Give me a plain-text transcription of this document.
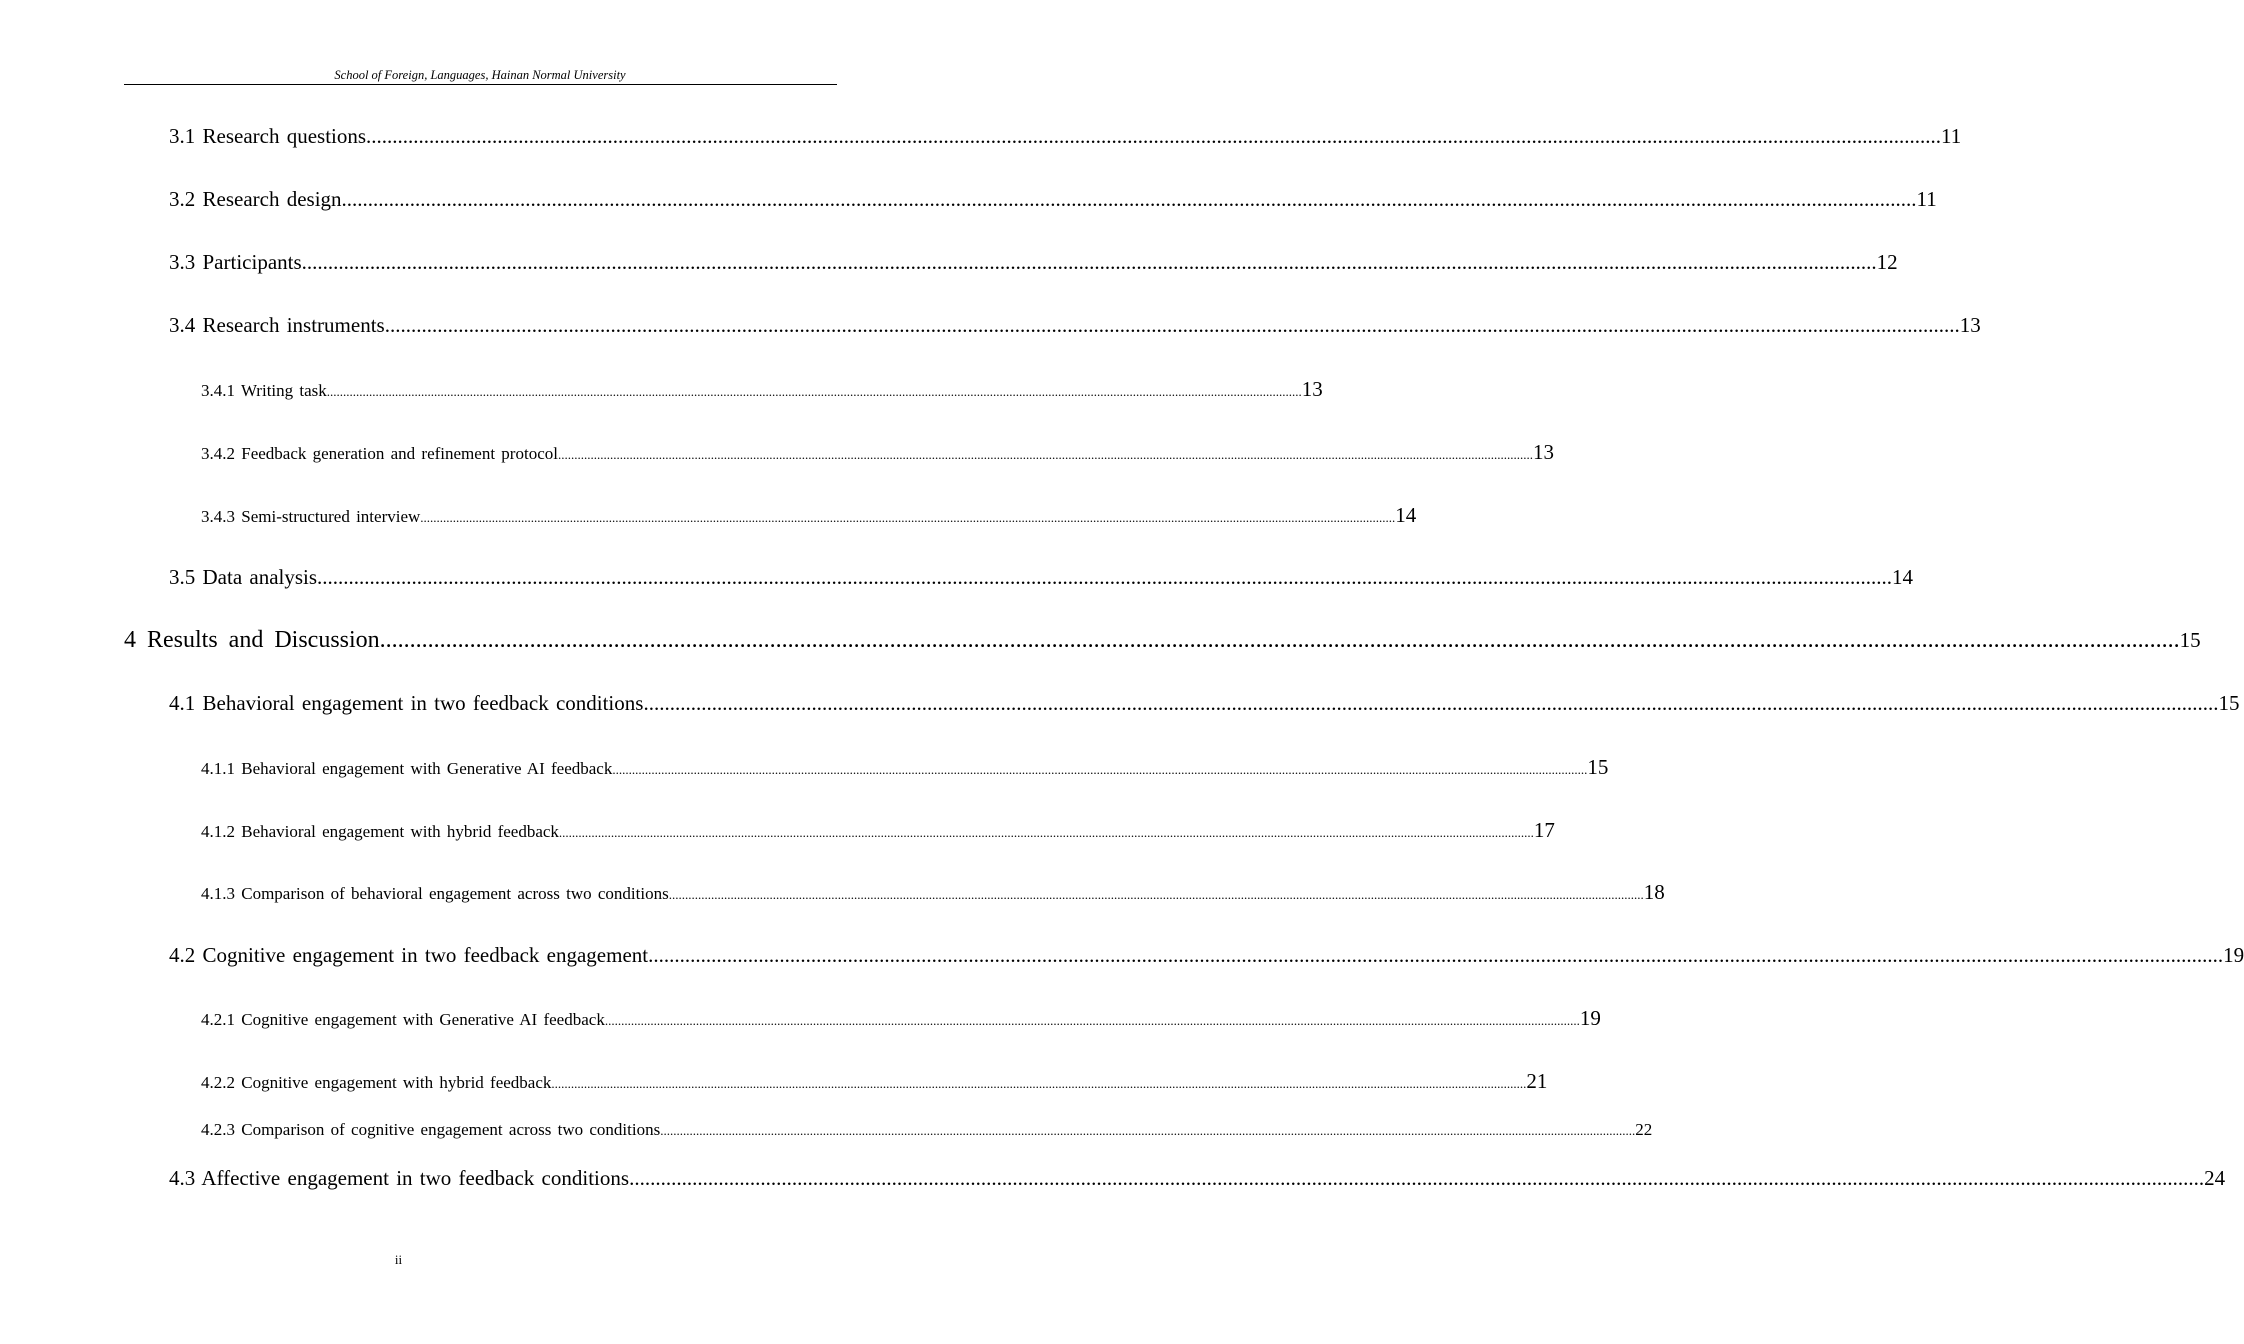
School of Foreign, Languages, Hainan Normal University
3.1 Research questions ............................................................................................................................................................................................................................................................................................................ 11
3.2 Research design ............................................................................................................................................................................................................................................................................................................ 11
3.3 Participants ............................................................................................................................................................................................................................................................................................................ 12
3.4 Research instruments ............................................................................................................................................................................................................................................................................................................ 13
3.4.1 Writing task ............................................................................................................................................................................................................................................................................................................ 13
3.4.2 Feedback generation and refinement protocol ............................................................................................................................................................................................................................................................................................................ 13
3.4.3 Semi-structured interview ............................................................................................................................................................................................................................................................................................................ 14
3.5 Data analysis ............................................................................................................................................................................................................................................................................................................ 14
4 Results and Discussion ............................................................................................................................................................................................................................................................................................................ 15
4.1 Behavioral engagement in two feedback conditions ............................................................................................................................................................................................................................................................................................................ 15
4.1.1 Behavioral engagement with Generative AI feedback ............................................................................................................................................................................................................................................................................................................ 15
4.1.2 Behavioral engagement with hybrid feedback ............................................................................................................................................................................................................................................................................................................ 17
4.1.3 Comparison of behavioral engagement across two conditions ............................................................................................................................................................................................................................................................................................................ 18
4.2 Cognitive engagement in two feedback engagement ............................................................................................................................................................................................................................................................................................................ 19
4.2.1 Cognitive engagement with Generative AI feedback ............................................................................................................................................................................................................................................................................................................ 19
4.2.2 Cognitive engagement with hybrid feedback ............................................................................................................................................................................................................................................................................................................ 21
4.2.3 Comparison of cognitive engagement across two conditions ............................................................................................................................................................................................................................................................................................................ 22
4.3 Affective engagement in two feedback conditions ............................................................................................................................................................................................................................................................................................................ 24
ii
